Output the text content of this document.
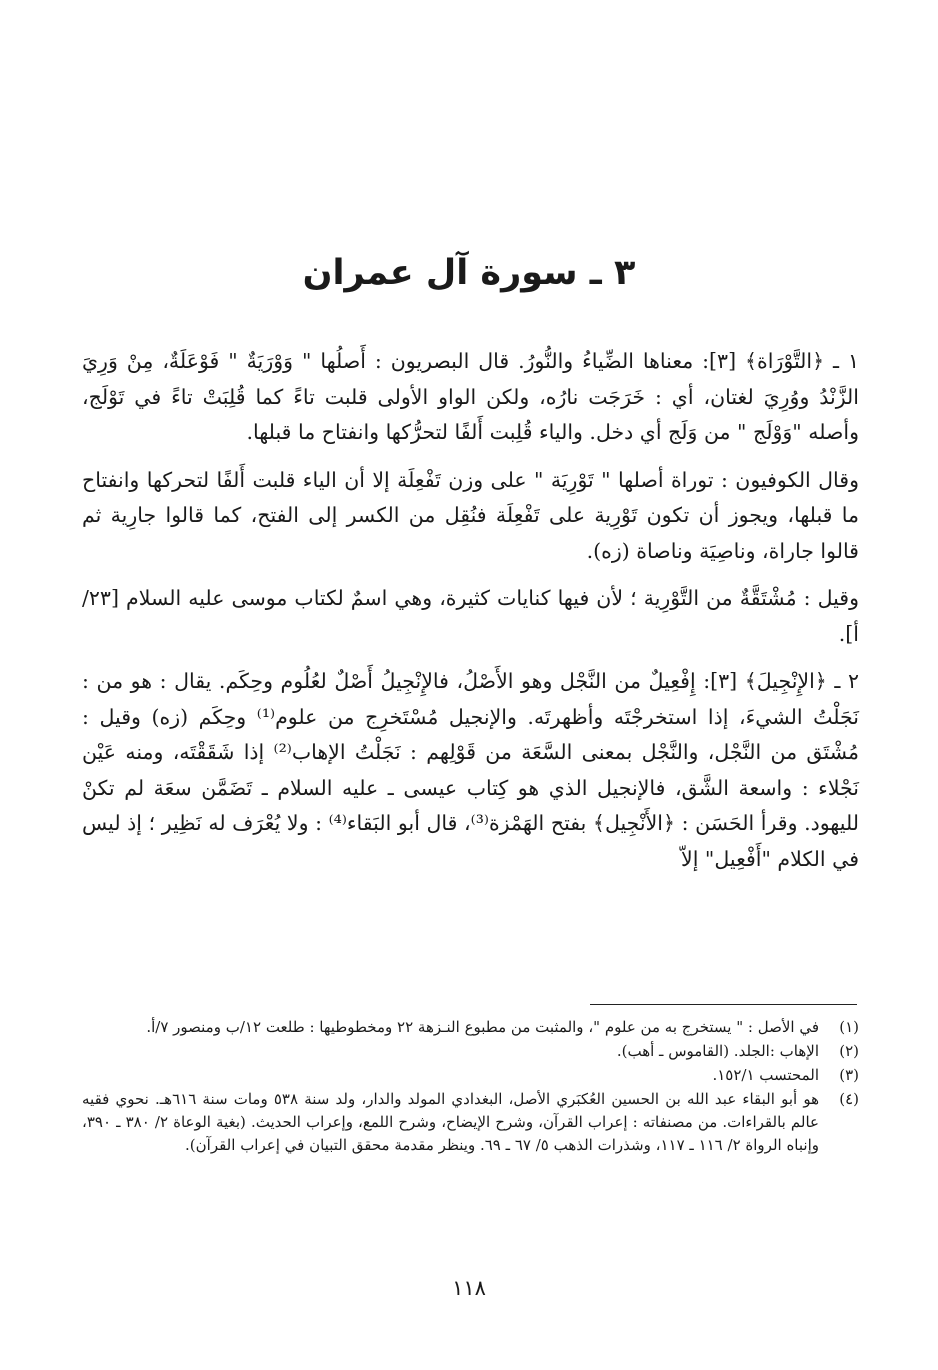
٣ ـ سورة آل عمران

١ ـ ﴿التَّوْرَاة﴾ [٣]: معناها الضِّياءُ والنُّورُ. قال البصريون : أَصلُها " وَوْرَيَةٌ " فَوْعَلَةٌ، مِنْ وَرِيَ الزَّنْدُ ووُرِيَ لغتان، أي : خَرَجَت نارُه، ولكن الواو الأولى قلبت تاءً كما قُلِبَتْ تاءً في تَوْلَج، وأصله "وَوْلَج " من وَلَج أي دخل. والياء قُلِبت أَلفًا لتحرُّكها وانفتاح ما قبلها.

وقال الكوفيون : توراة أصلها " تَوْرِيَة " على وزن تَفْعِلَة إلا أن الياء قلبت أَلفًا لتحركها وانفتاح ما قبلها، ويجوز أن تكون تَوْرِية على تَفْعِلَة فنُقِل من الكسر إلى الفتح، كما قالوا جارِية ثم قالوا جاراة، وناصِيَة وناصاة (زه).

وقيل : مُشْتَقَّةٌ من التَّوْرِية ؛ لأن فيها كنايات كثيرة، وهي اسمٌ لكتاب موسى عليه السلام [٢٣/أ].

٢ ـ ﴿الإِنْجِيلَ﴾ [٣]: إِفْعِيلٌ من النَّجْل وهو الأَصْلُ، فالإِنْجِيلُ أَصْلٌ لعُلُوم وحِكَم. يقال : هو من : نَجَلْتُ الشيءَ، إذا استخرجْتَه وأظهرتَه. والإنجيل مُسْتَخرِج من علوم⁽¹⁾ وحِكَم (زه) وقيل : مُشْتَق من النَّجْل، والنَّجْل بمعنى السَّعَة من قَوْلِهم : نَجَلْتُ الإهاب⁽²⁾ إذا شَقَقْتَه، ومنه عَيْن نَجْلاء : واسعة الشَّق، فالإنجيل الذي هو كِتاب عيسى ـ عليه السلام ـ تَضَمَّن سعَة لم تكنْ لليهود. وقرأ الحَسَن : ﴿الأَنْجِيل﴾ بفتح الهَمْزة⁽³⁾، قال أبو البَقاء⁽⁴⁾ : ولا يُعْرَف له نَظِير ؛ إذ ليس في الكلام "أَفْعِيل" إلاّ

(١)
في الأصل : " يستخرج به من علوم "، والمثبت من مطبوع النـزهة ٢٢ ومخطوطيها : طلعت ١٢/ب ومنصور ٧/أ.
(٢)
الإهاب :الجلد. (القاموس ـ أهب).
(٣)
المحتسب ١٥٢/١.
(٤)
هو أبو البقاء عبد الله بن الحسين العُكبَري الأصل، البغدادي المولد والدار، ولد سنة ٥٣٨ ومات سنة ٦١٦هـ. نحوي فقيه عالم بالقراءات. من مصنفاته : إعراب القرآن، وشرح الإيضاح، وشرح اللمع، وإعراب الحديث. (بغية الوعاة ٢/ ٣٨٠ ـ ٣٩٠، وإنباه الرواة ٢/ ١١٦ ـ ١١٧، وشذرات الذهب ٥/ ٦٧ ـ ٦٩. وينظر مقدمة محقق التبيان في إعراب القرآن).
١١٨
